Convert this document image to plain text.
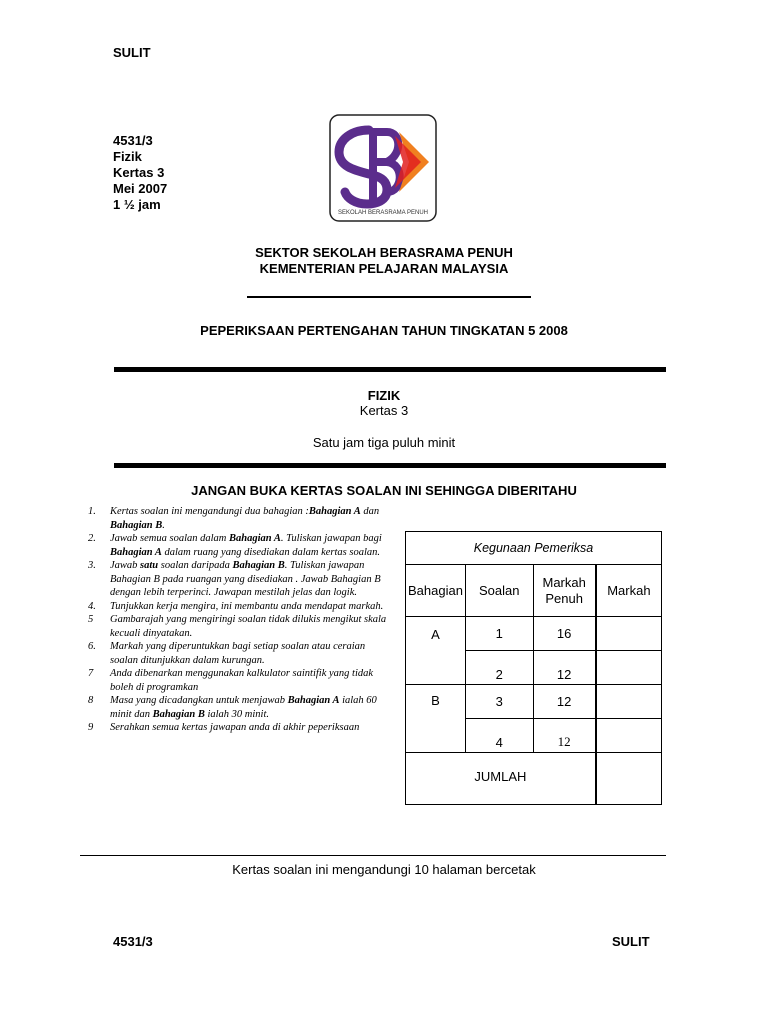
SULIT
4531/3
Fizik
Kertas 3
Mei 2007
1 ½ jam
SEKOLAH BERASRAMA PENUH
SEKTOR SEKOLAH BERASRAMA PENUH
KEMENTERIAN PELAJARAN MALAYSIA
PEPERIKSAAN PERTENGAHAN TAHUN TINGKATAN 5 2008
FIZIK
Kertas 3
Satu jam tiga puluh minit
JANGAN BUKA KERTAS SOALAN INI SEHINGGA DIBERITAHU
1.	Kertas soalan ini mengandungi dua bahagian :Bahagian A dan Bahagian B.
2.	Jawab semua soalan dalam Bahagian A. Tuliskan jawapan bagi Bahagian A dalam ruang yang disediakan dalam kertas soalan.
3.	Jawab satu soalan daripada Bahagian B. Tuliskan jawapan Bahagian B pada ruangan yang disediakan . Jawab Bahagian B dengan lebih terperinci. Jawapan mestilah jelas dan logik.
4.	Tunjukkan kerja mengira, ini membantu anda mendapat markah.
5	Gambarajah yang mengiringi soalan tidak dilukis mengikut skala kecuali dinyatakan.
6.	Markah yang diperuntukkan bagi setiap soalan atau ceraian soalan ditunjukkan dalam kurungan.
7	Anda dibenarkan menggunakan kalkulator saintifik yang tidak boleh di programkan
8	Masa yang dicadangkan untuk menjawab Bahagian A ialah 60 minit dan Bahagian B ialah 30 minit.
9	Serahkan semua kertas jawapan anda di akhir peperiksaan
Kegunaan Pemeriksa			
Bahagian	Soalan	Markah Penuh	Markah
A	1	16	
	2	12	
B	3	12	
	4	12	
JUMLAH			
Kertas soalan ini mengandungi 10 halaman bercetak
4531/3	SULIT
